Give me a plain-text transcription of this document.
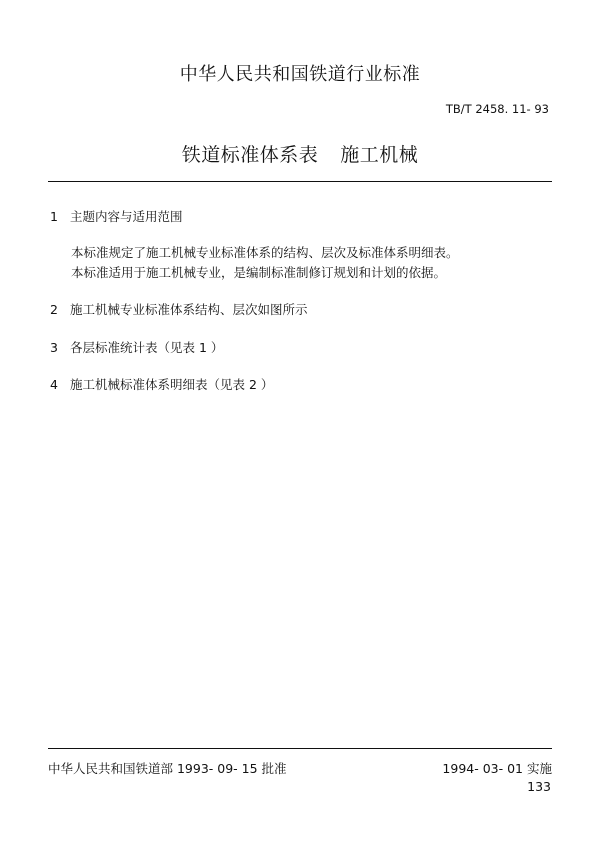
中华人民共和国铁道行业标准
TB/T 2458. 11- 93
铁道标准体系表 施工机械
1 主题内容与适用范围
本标准规定了施工机械专业标准体系的结构、层次及标准体系明细表。
本标准适用于施工机械专业，是编制标准制修订规划和计划的依据。
2 施工机械专业标准体系结构、层次如图所示
3 各层标准统计表（见表 1 ）
4 施工机械标准体系明细表（见表 2 ）
中华人民共和国铁道部 1993- 09- 15 批准	1994- 03- 01 实施
133
